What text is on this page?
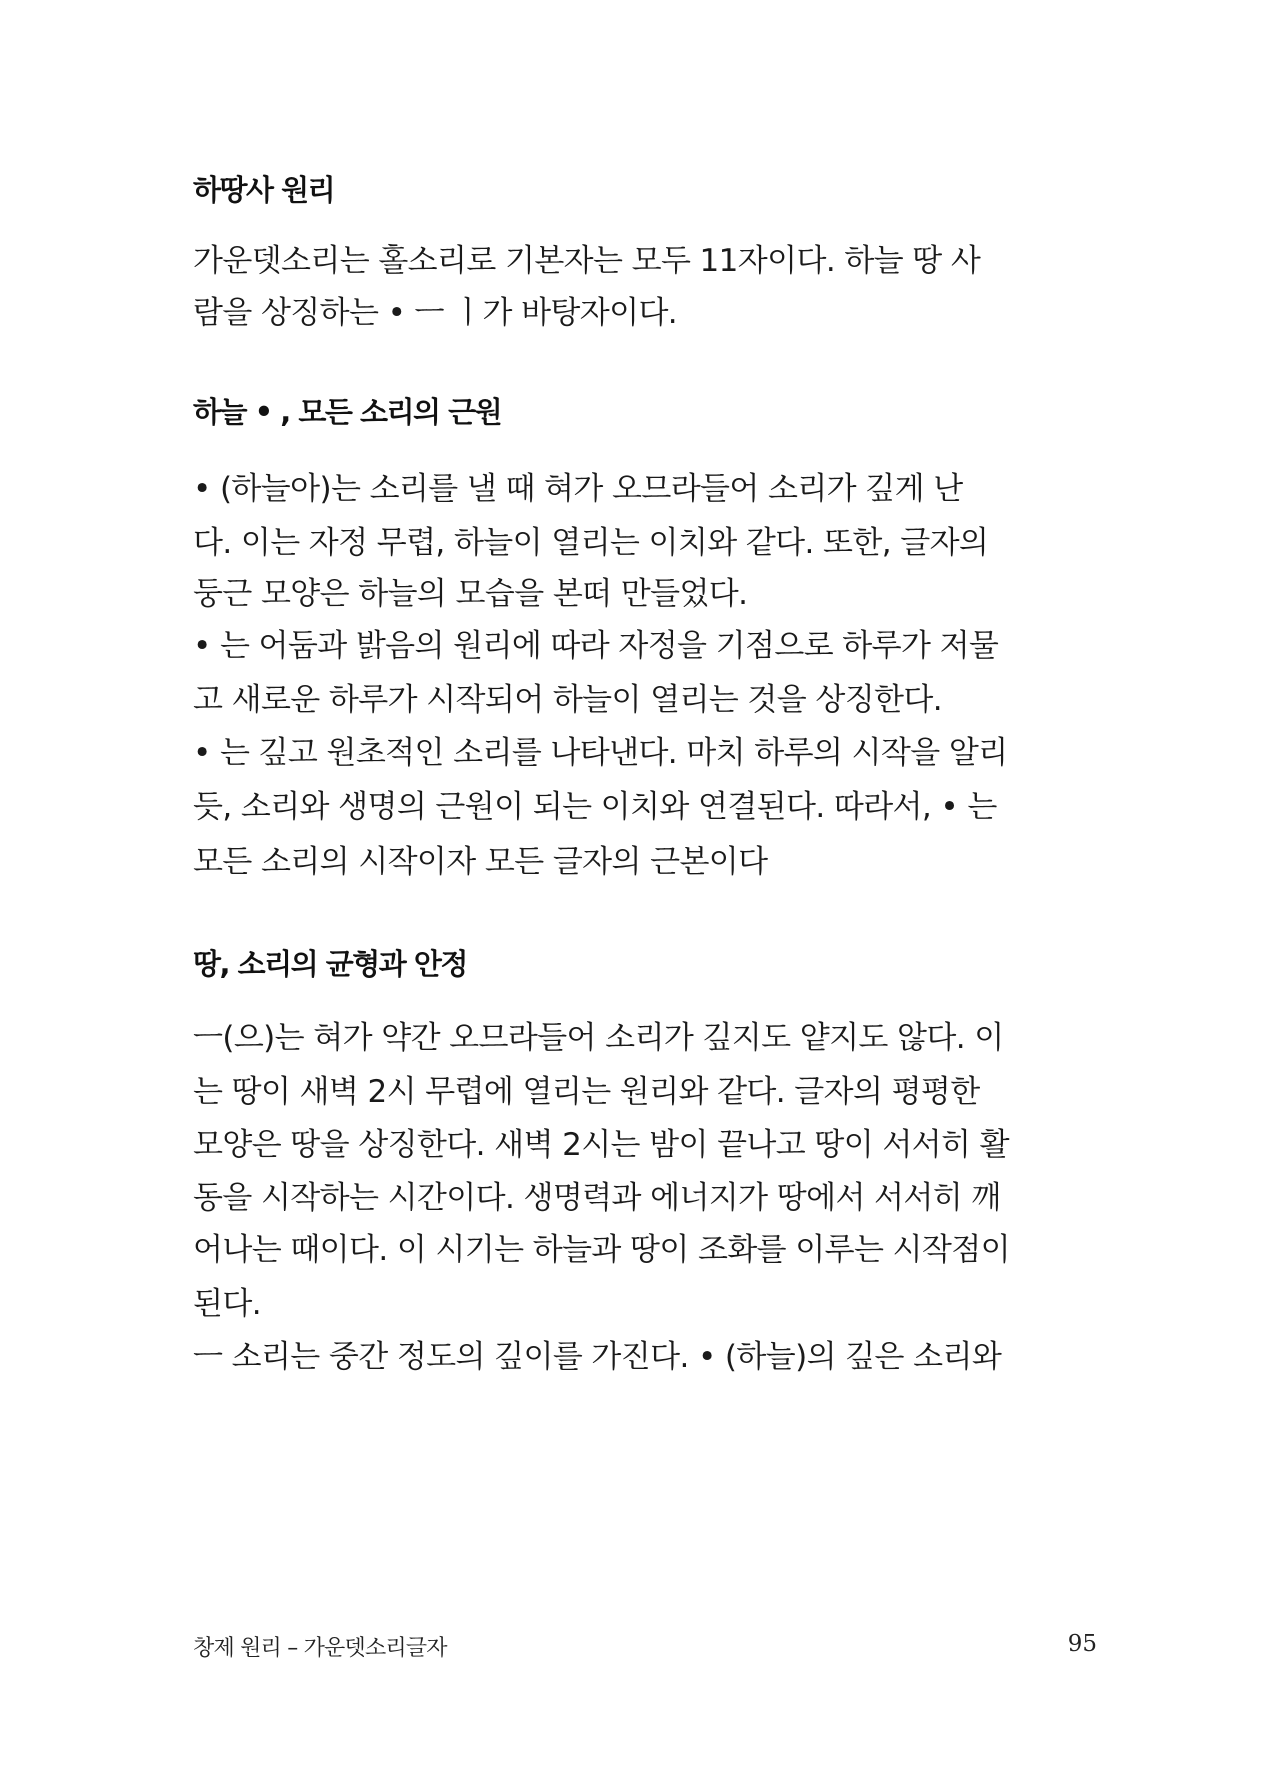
하땅사 원리
가운뎃소리는 홀소리로 기본자는 모두 11자이다. 하늘 땅 사
람을 상징하는 • ㅡ ㅣ가 바탕자이다.
하늘 • , 모든 소리의 근원
• (하늘아)는 소리를 낼 때 혀가 오므라들어 소리가 깊게 난
다. 이는 자정 무렵, 하늘이 열리는 이치와 같다. 또한, 글자의
둥근 모양은 하늘의 모습을 본떠 만들었다.
• 는 어둠과 밝음의 원리에 따라 자정을 기점으로 하루가 저물
고 새로운 하루가 시작되어 하늘이 열리는 것을 상징한다.
• 는 깊고 원초적인 소리를 나타낸다. 마치 하루의 시작을 알리
듯, 소리와 생명의 근원이 되는 이치와 연결된다. 따라서, • 는
모든 소리의 시작이자 모든 글자의 근본이다
땅, 소리의 균형과 안정
ㅡ(으)는 혀가 약간 오므라들어 소리가 깊지도 얕지도 않다. 이
는 땅이 새벽 2시 무렵에 열리는 원리와 같다. 글자의 평평한
모양은 땅을 상징한다. 새벽 2시는 밤이 끝나고 땅이 서서히 활
동을 시작하는 시간이다. 생명력과 에너지가 땅에서 서서히 깨
어나는 때이다. 이 시기는 하늘과 땅이 조화를 이루는 시작점이
된다.
ㅡ 소리는 중간 정도의 깊이를 가진다. • (하늘)의 깊은 소리와
창제 원리 – 가운뎃소리글자	95
